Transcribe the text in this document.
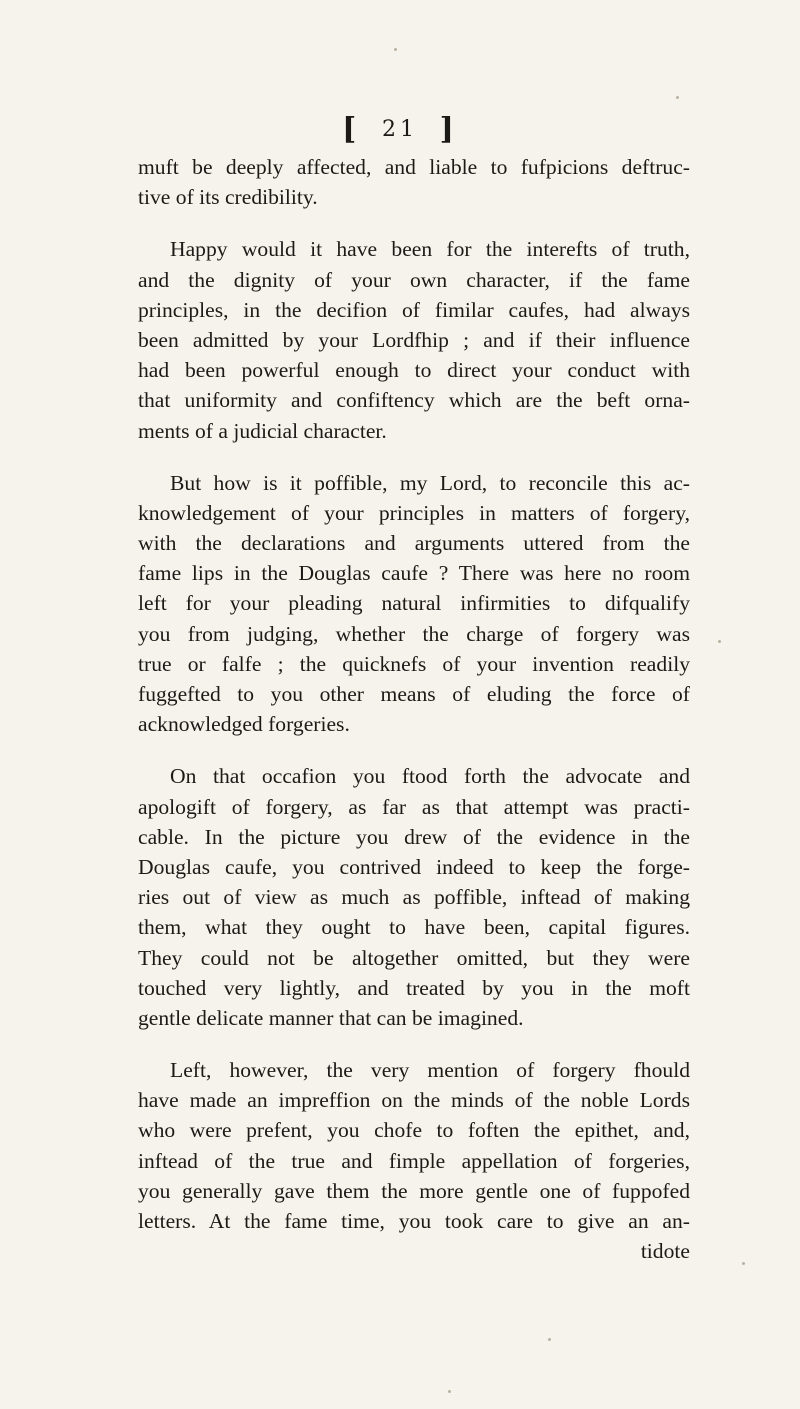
[ 21 ]
muft be deeply affected, and liable to fufpicions deftruc-
tive of its credibility.
Happy would it have been for the interefts of truth,
and the dignity of your own character, if the fame
principles, in the decifion of fimilar caufes, had always
been admitted by your Lordfhip ; and if their influence
had been powerful enough to direct your conduct with
that uniformity and confiftency which are the beft orna-
ments of a judicial character.
But how is it poffible, my Lord, to reconcile this ac-
knowledgement of your principles in matters of forgery,
with the declarations and arguments uttered from the
fame lips in the Douglas caufe ? There was here no room
left for your pleading natural infirmities to difqualify
you from judging, whether the charge of forgery was
true or falfe ; the quicknefs of your invention readily
fuggefted to you other means of eluding the force of
acknowledged forgeries.
On that occafion you ftood forth the advocate and
apologift of forgery, as far as that attempt was practi-
cable. In the picture you drew of the evidence in the
Douglas caufe, you contrived indeed to keep the forge-
ries out of view as much as poffible, inftead of making
them, what they ought to have been, capital figures.
They could not be altogether omitted, but they were
touched very lightly, and treated by you in the moft
gentle delicate manner that can be imagined.
Left, however, the very mention of forgery fhould
have made an impreffion on the minds of the noble Lords
who were prefent, you chofe to foften the epithet, and,
inftead of the true and fimple appellation of forgeries,
you generally gave them the more gentle one of fuppofed
letters. At the fame time, you took care to give an an-
tidote
